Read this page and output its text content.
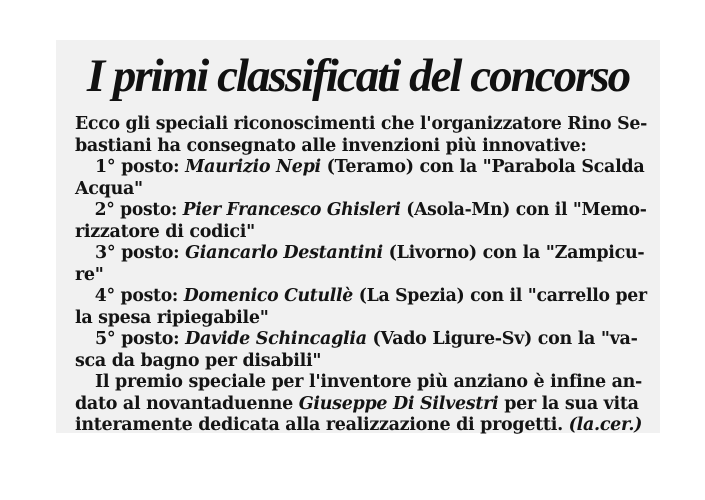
I primi classificati del concorso
Ecco gli speciali riconoscimenti che l'organizzatore Rino Se-
bastiani ha consegnato alle invenzioni più innovative:
1° posto: Maurizio Nepi (Teramo) con la "Parabola Scalda
Acqua"
2° posto: Pier Francesco Ghisleri (Asola-Mn) con il "Memo-
rizzatore di codici"
3° posto: Giancarlo Destantini (Livorno) con la "Zampicu-
re"
4° posto: Domenico Cutullè (La Spezia) con il "carrello per
la spesa ripiegabile"
5° posto: Davide Schincaglia (Vado Ligure-Sv) con la "va-
sca da bagno per disabili"
Il premio speciale per l'inventore più anziano è infine an-
dato al novantaduenne Giuseppe Di Silvestri per la sua vita
interamente dedicata alla realizzazione di progetti. (la.cer.)
